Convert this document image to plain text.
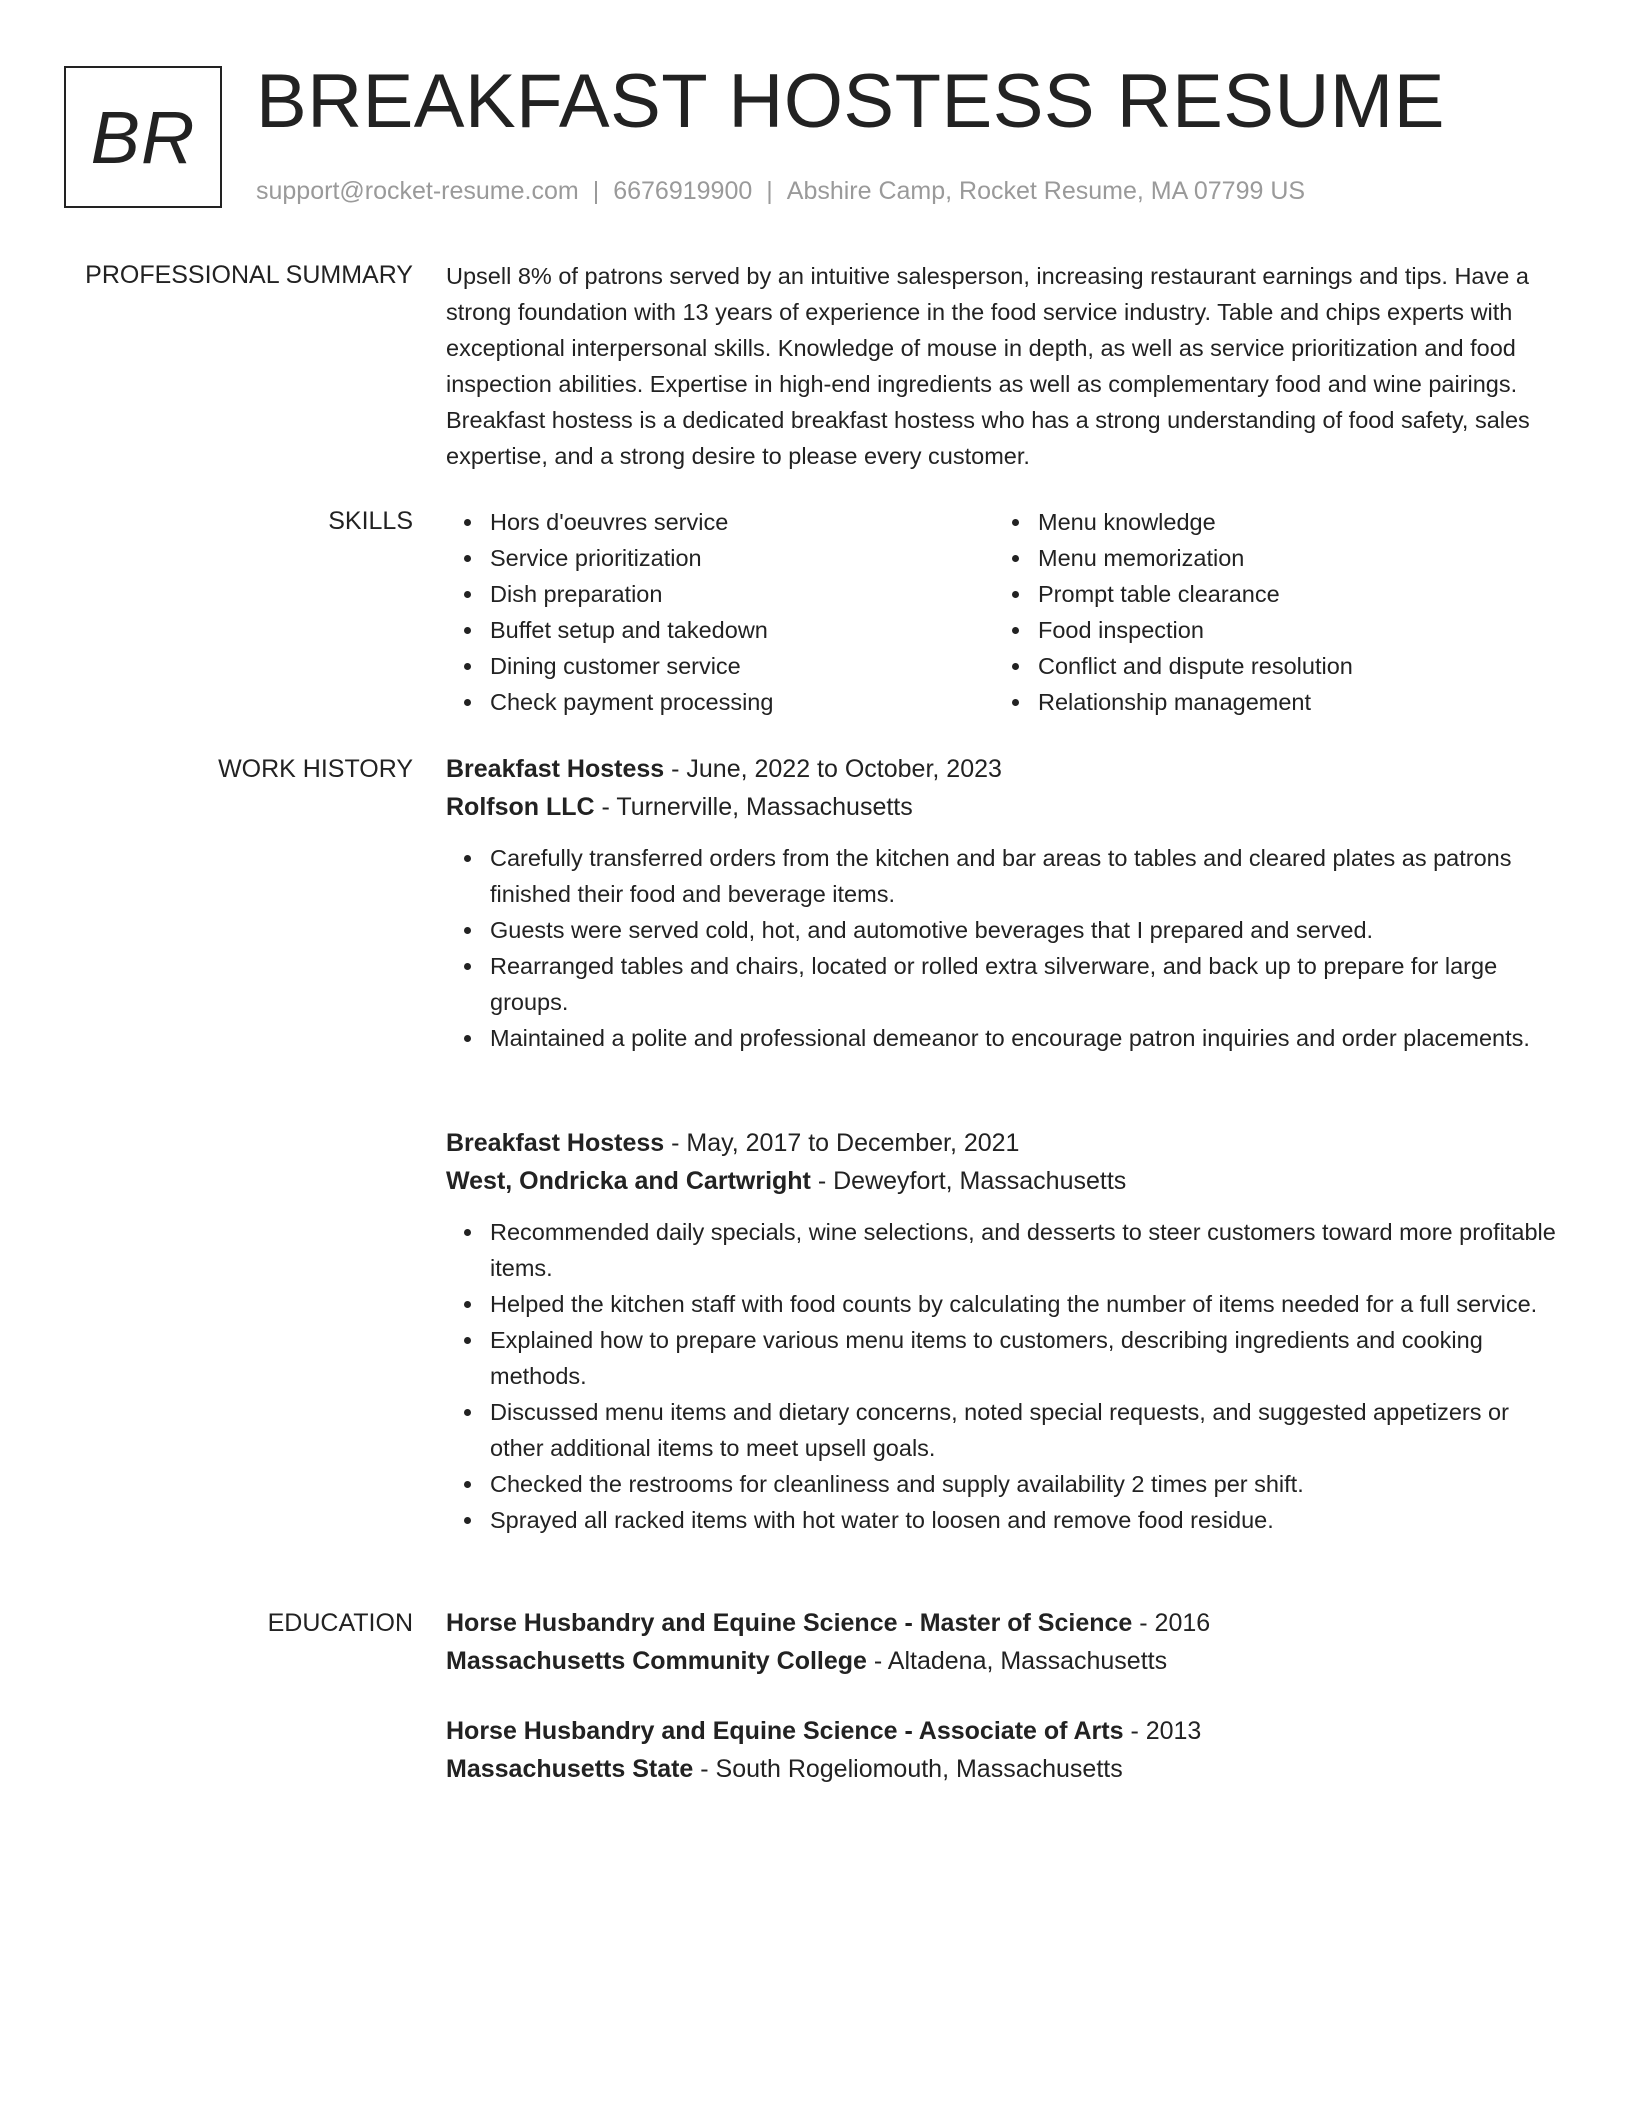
BR BREAKFAST HOSTESS RESUME
support@rocket-resume.com | 6676919900 | Abshire Camp, Rocket Resume, MA 07799 US
PROFESSIONAL SUMMARY Upsell 8% of patrons served by an intuitive salesperson, increasing restaurant earnings and tips. Have a strong foundation with 13 years of experience in the food service industry. Table and chips experts with exceptional interpersonal skills. Knowledge of mouse in depth, as well as service prioritization and food inspection abilities. Expertise in high-end ingredients as well as complementary food and wine pairings. Breakfast hostess is a dedicated breakfast hostess who has a strong understanding of food safety, sales expertise, and a strong desire to please every customer.
SKILLS	Hors d'oeuvres service
Service prioritization
Dish preparation
Buffet setup and takedown
Dining customer service
Check payment processing
Menu knowledge
Menu memorization
Prompt table clearance
Food inspection
Conflict and dispute resolution
Relationship management
WORK HISTORY Breakfast Hostess - June, 2022 to October, 2023
Rolfson LLC - Turnerville, Massachusetts
Carefully transferred orders from the kitchen and bar areas to tables and cleared plates as patrons finished their food and beverage items.
Guests were served cold, hot, and automotive beverages that I prepared and served.
Rearranged tables and chairs, located or rolled extra silverware, and back up to prepare for large groups.
Maintained a polite and professional demeanor to encourage patron inquiries and order placements.
Breakfast Hostess - May, 2017 to December, 2021
West, Ondricka and Cartwright - Deweyfort, Massachusetts
Recommended daily specials, wine selections, and desserts to steer customers toward more profitable items.
Helped the kitchen staff with food counts by calculating the number of items needed for a full service.
Explained how to prepare various menu items to customers, describing ingredients and cooking methods.
Discussed menu items and dietary concerns, noted special requests, and suggested appetizers or other additional items to meet upsell goals.
Checked the restrooms for cleanliness and supply availability 2 times per shift.
Sprayed all racked items with hot water to loosen and remove food residue.
EDUCATION Horse Husbandry and Equine Science - Master of Science - 2016
Massachusetts Community College - Altadena, Massachusetts
Horse Husbandry and Equine Science - Associate of Arts - 2013
Massachusetts State - South Rogeliomouth, Massachusetts
